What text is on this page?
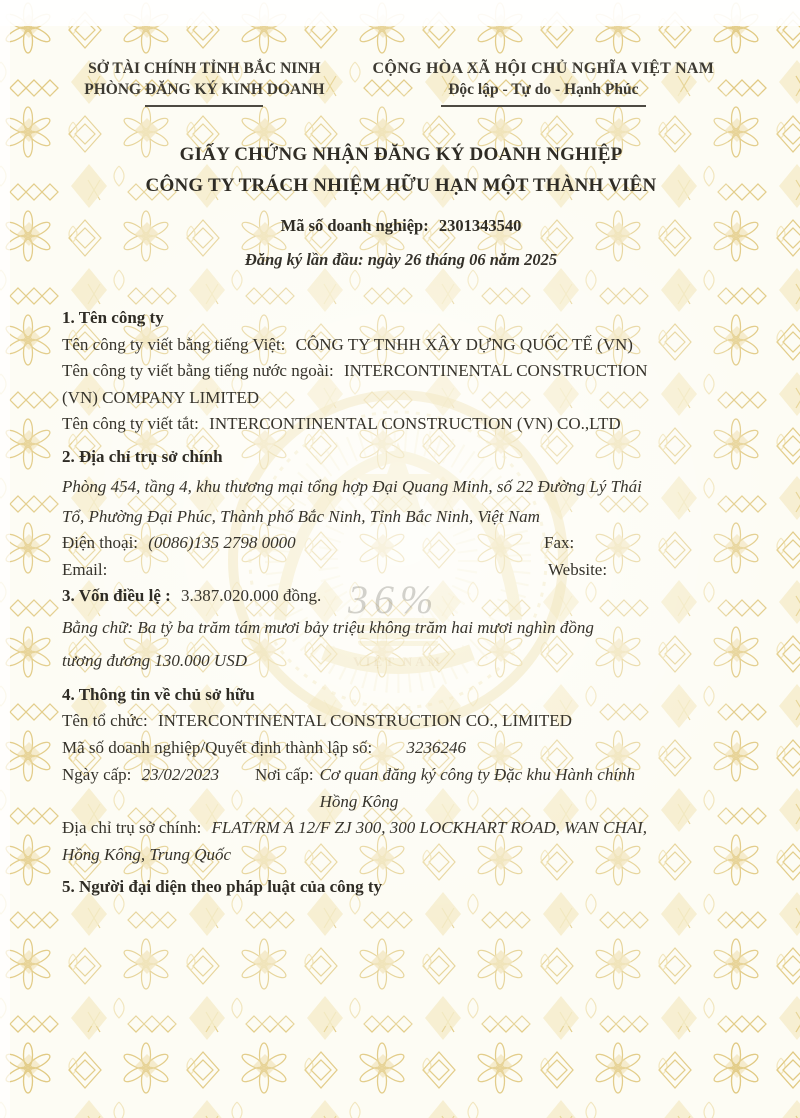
36%
SỞ TÀI CHÍNH TỈNH BẮC NINH
PHÒNG ĐĂNG KÝ KINH DOANH
CỘNG HÒA XÃ HỘI CHỦ NGHĨA VIỆT NAM
Độc lập - Tự do - Hạnh Phúc
GIẤY CHỨNG NHẬN ĐĂNG KÝ DOANH NGHIỆP
CÔNG TY TRÁCH NHIỆM HỮU HẠN MỘT THÀNH VIÊN
Mã số doanh nghiệp: 2301343540
Đăng ký lần đầu: ngày 26 tháng 06 năm 2025

1. Tên công ty

Tên công ty viết bằng tiếng Việt: CÔNG TY TNHH XÂY DỰNG QUỐC TẾ (VN)

Tên công ty viết bằng tiếng nước ngoài: INTERCONTINENTAL CONSTRUCTION

(VN) COMPANY LIMITED

Tên công ty viết tắt: INTERCONTINENTAL CONSTRUCTION (VN) CO.,LTD

2. Địa chỉ trụ sở chính

Phòng 454, tầng 4, khu thương mại tổng hợp Đại Quang Minh, số 22 Đường Lý Thái

Tổ, Phường Đại Phúc, Thành phố Bắc Ninh, Tỉnh Bắc Ninh, Việt Nam

Điện thoại: (0086)135 2798 0000	Fax:

Email:	Website:

3. Vốn điều lệ : 3.387.020.000 đồng.

Bằng chữ: Ba tỷ ba trăm tám mươi bảy triệu không trăm hai mươi nghìn đồng

tương đương 130.000 USD

4. Thông tin về chủ sở hữu

Tên tổ chức: INTERCONTINENTAL CONSTRUCTION CO., LIMITED

Mã số doanh nghiệp/Quyết định thành lập số: 3236246

Ngày cấp: 23/02/2023	Nơi cấp: Cơ quan đăng ký công ty Đặc khu Hành chính
Hồng Kông

Địa chỉ trụ sở chính: FLAT/RM A 12/F ZJ 300, 300 LOCKHART ROAD, WAN CHAI,

Hồng Kông, Trung Quốc

5. Người đại diện theo pháp luật của công ty
